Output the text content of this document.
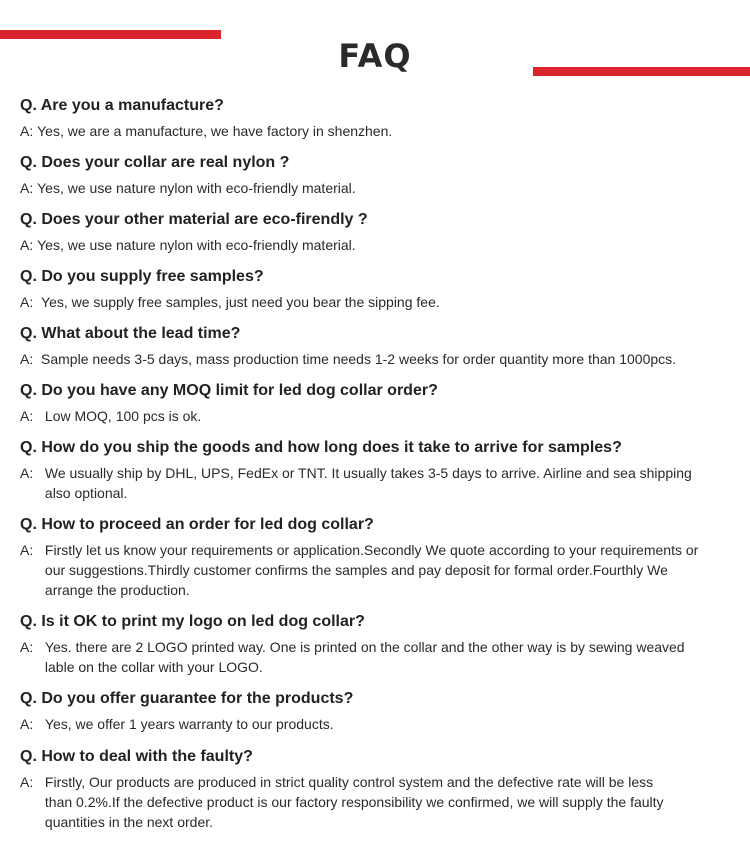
FAQ
Q. Are you a manufacture?
A: Yes, we are a manufacture, we have factory in shenzhen.
Q. Does your collar are real nylon ?
A: Yes, we use nature nylon with eco-friendly material.
Q. Does your other material are eco-firendly ?
A: Yes, we use nature nylon with eco-friendly material.
Q. Do you supply free samples?
A: Yes, we supply free samples, just need you bear the sipping fee.
Q. What about the lead time?
A: Sample needs 3-5 days, mass production time needs 1-2 weeks for order quantity more than 1000pcs.
Q. Do you have any MOQ limit for led dog collar order?
A: Low MOQ, 100 pcs is ok.
Q. How do you ship the goods and how long does it take to arrive for samples?
A: We usually ship by DHL, UPS, FedEx or TNT. It usually takes 3-5 days to arrive. Airline and sea shipping also optional.
Q. How to proceed an order for led dog collar?
A: Firstly let us know your requirements or application.Secondly We quote according to your requirements or our suggestions.Thirdly customer confirms the samples and pay deposit for formal order.Fourthly We arrange the production.
Q. Is it OK to print my logo on led dog collar?
A: Yes. there are 2 LOGO printed way. One is printed on the collar and the other way is by sewing weaved lable on the collar with your LOGO.
Q. Do you offer guarantee for the products?
A: Yes, we offer 1 years warranty to our products.
Q. How to deal with the faulty?
A: Firstly, Our products are produced in strict quality control system and the defective rate will be less than 0.2%.If the defective product is our factory responsibility we confirmed, we will supply the faulty quantities in the next order.
